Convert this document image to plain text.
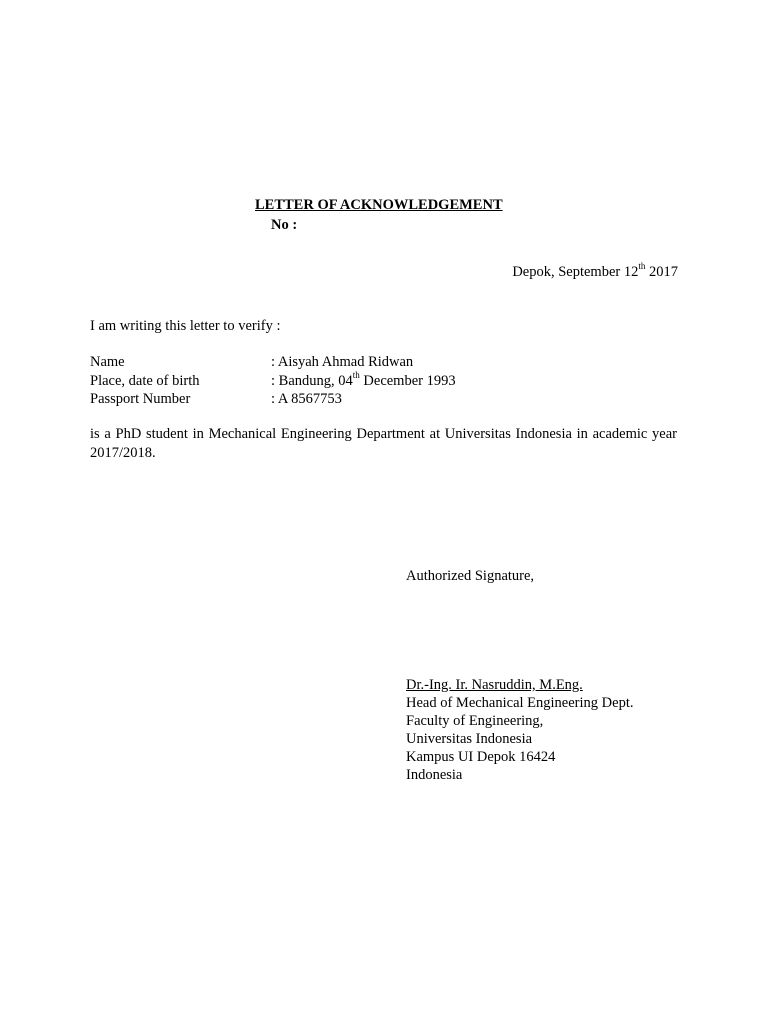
LETTER OF ACKNOWLEDGEMENT
No :
Depok, September 12th 2017
I am writing this letter to verify :
Name	: Aisyah Ahmad Ridwan
Place, date of birth	: Bandung, 04th December 1993
Passport Number	: A 8567753
is a PhD student in Mechanical Engineering Department at Universitas Indonesia in academic year 2017/2018.
Authorized Signature,
Dr.-Ing. Ir. Nasruddin, M.Eng.
Head of Mechanical Engineering Dept.
Faculty of Engineering,
Universitas Indonesia
Kampus UI Depok 16424
Indonesia
